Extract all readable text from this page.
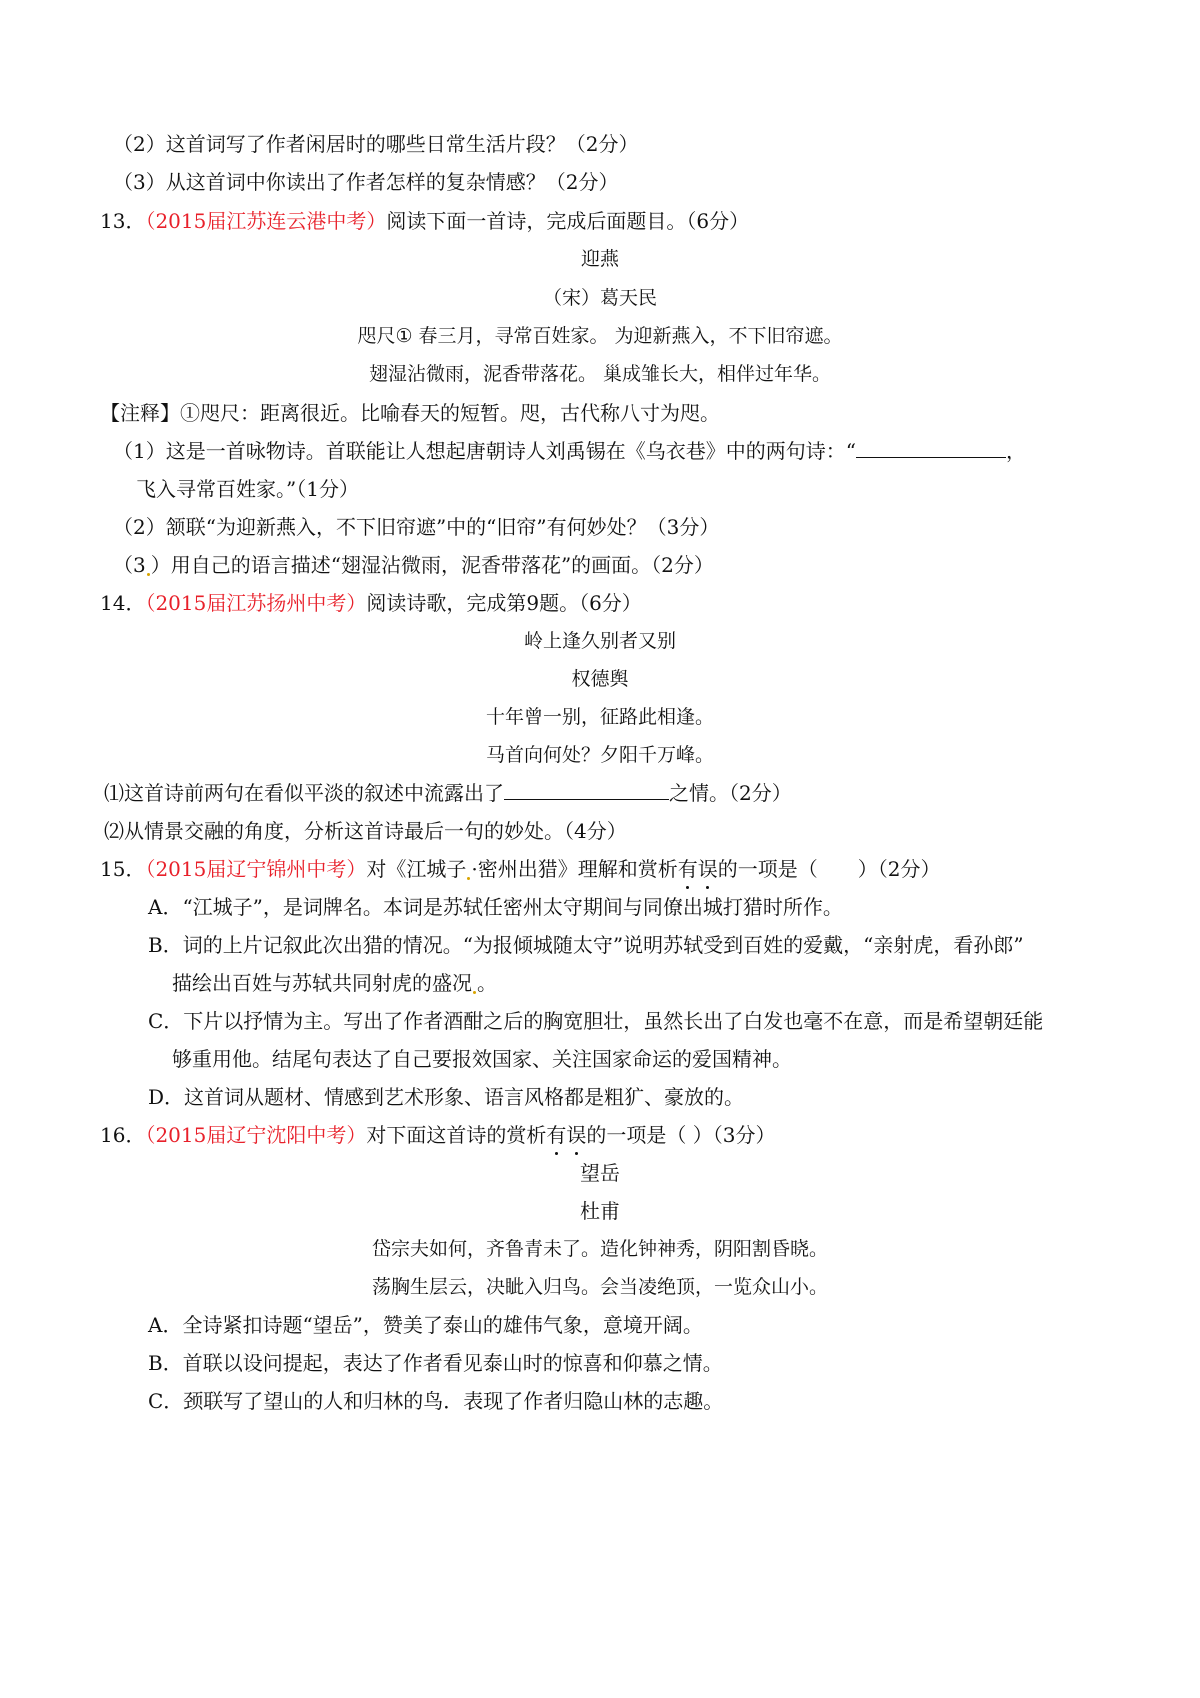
（2）这首词写了作者闲居时的哪些日常生活片段？（2分）
（3）从这首词中你读出了作者怎样的复杂情感？（2分）
13．（2015届江苏连云港中考）阅读下面一首诗，完成后面题目。（6分）
迎燕
（宋）葛天民
咫尺① 春三月，寻常百姓家。 为迎新燕入，不下旧帘遮。
翅湿沾微雨，泥香带落花。 巢成雏长大，相伴过年华。
【注释】①咫尺：距离很近。比喻春天的短暂。咫，古代称八寸为咫。
（1）这是一首咏物诗。首联能让人想起唐朝诗人刘禹锡在《乌衣巷》中的两句诗：“	，
飞入寻常百姓家。”（1分）
（2）颔联“为迎新燕入，不下旧帘遮”中的“旧帘”有何妙处？（3分）
（3 ）用自己的语言描述“翅湿沾微雨，泥香带落花”的画面。（2分）
14．（2015届江苏扬州中考）阅读诗歌，完成第9题。（6分）
岭上逢久别者又别
权德舆
十年曾一别，征路此相逢。
马首向何处？夕阳千万峰。
⑴这首诗前两句在看似平淡的叙述中流露出了	之情。（2分）
⑵从情景交融的角度，分析这首诗最后一句的妙处。（4分）
15．（2015届辽宁锦州中考）对《江城子 ·密州出猎》理解和赏析有误的一项是（　　）（2分）
A．“江城子”，是词牌名。本词是苏轼任密州太守期间与同僚出城打猎时所作。
B．词的上片记叙此次出猎的情况。“为报倾城随太守”说明苏轼受到百姓的爱戴，“亲射虎，看孙郎”
描绘出百姓与苏轼共同射虎的盛况 。
C．下片以抒情为主。写出了作者酒酣之后的胸宽胆壮，虽然长出了白发也毫不在意，而是希望朝廷能
够重用他。结尾句表达了自己要报效国家、关注国家命运的爱国精神。
D．这首词从题材、情感到艺术形象、语言风格都是粗犷、豪放的。
16．（2015届辽宁沈阳中考）对下面这首诗的赏析有误的一项是（ ）（3分）
望岳
杜甫
岱宗夫如何，齐鲁青未了。造化钟神秀，阴阳割昏晓。
荡胸生层云，决眦入归鸟。会当凌绝顶，一览众山小。
A．全诗紧扣诗题“望岳”，赞美了泰山的雄伟气象，意境开阔。
B．首联以设问提起，表达了作者看见泰山时的惊喜和仰慕之情。
C．颈联写了望山的人和归林的鸟．表现了作者归隐山林的志趣。
